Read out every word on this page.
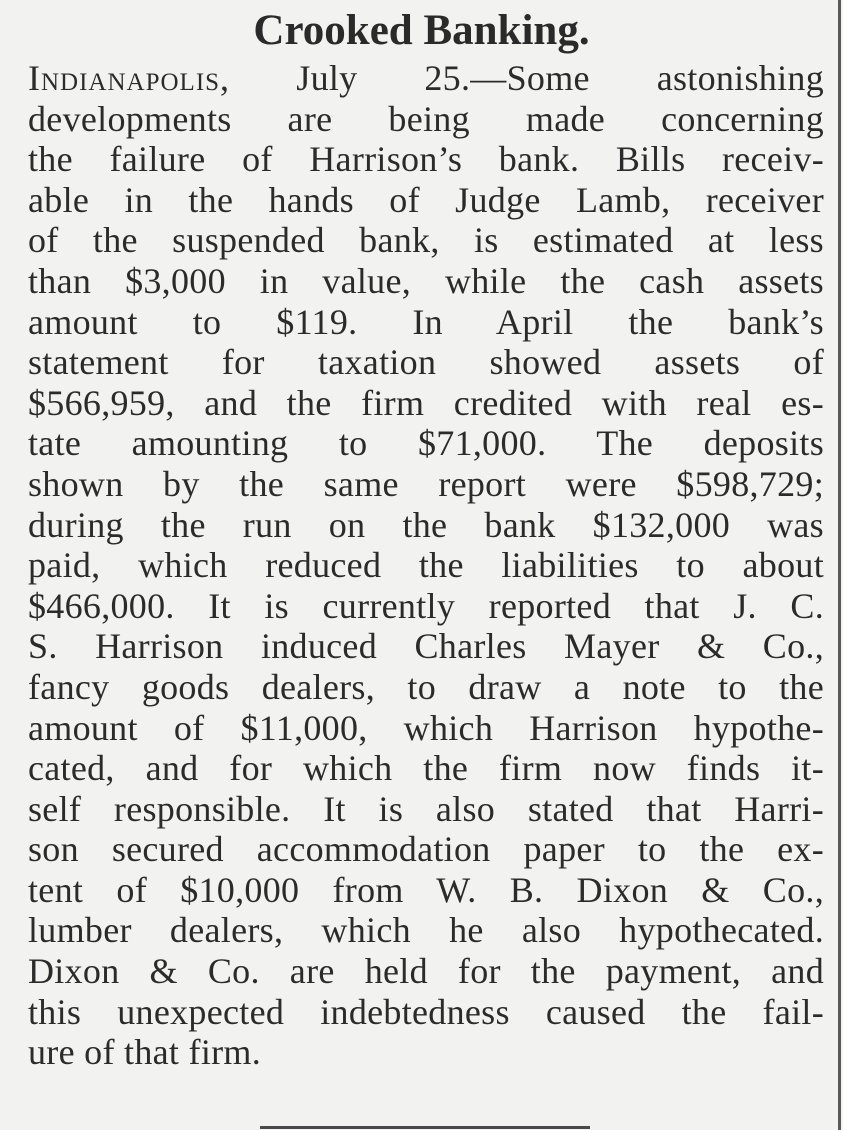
Crooked Banking.
Indianapolis, July 25.—Some astonishing
developments are being made concerning
the failure of Harrison’s bank. Bills receiv-
able in the hands of Judge Lamb, receiver
of the suspended bank, is estimated at less
than $3,000 in value, while the cash assets
amount to $119. In April the bank’s
statement for taxation showed assets of
$566,959, and the firm credited with real es-
tate amounting to $71,000. The deposits
shown by the same report were $598,729;
during the run on the bank $132,000 was
paid, which reduced the liabilities to about
$466,000. It is currently reported that J. C.
S. Harrison induced Charles Mayer & Co.,
fancy goods dealers, to draw a note to the
amount of $11,000, which Harrison hypothe-
cated, and for which the firm now finds it-
self responsible. It is also stated that Harri-
son secured accommodation paper to the ex-
tent of $10,000 from W. B. Dixon & Co.,
lumber dealers, which he also hypothecated.
Dixon & Co. are held for the payment, and
this unexpected indebtedness caused the fail-
ure of that firm.
